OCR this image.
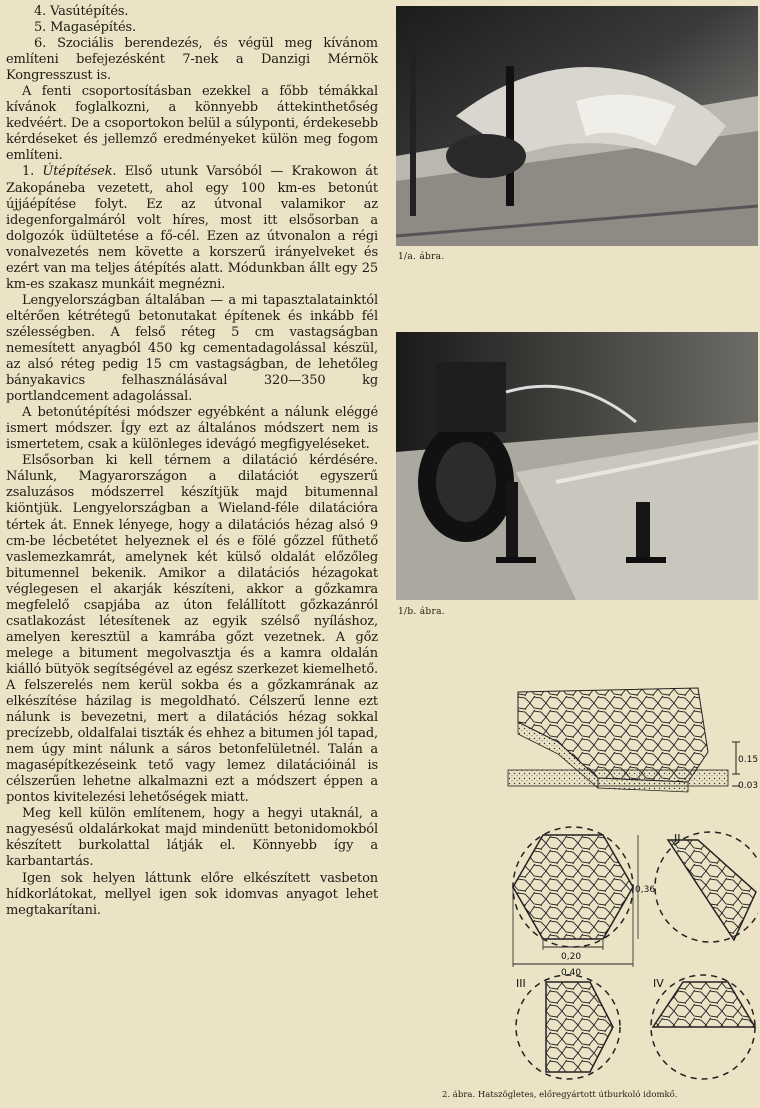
4. Vasútépítés.

5. Magasépítés.

6. Szociális berendezés, és végül meg kívánom említeni befejezésként 7-nek a Danzigi Mérnök Kongresszust is.

A fenti csoportosításban ezekkel a főbb témákkal kívánok foglalkozni, a könnyebb áttekinthetőség kedvéért. De a csoportokon belül a súlyponti, érdekesebb kérdéseket és jellemző eredményeket külön meg fogom említeni.

1. Útépítések. Első utunk Varsóból — Krakowon át Zakopáneba vezetett, ahol egy 100 km-es betonút újjáépítése folyt. Ez az útvonal valamikor az idegenforgalmáról volt híres, most itt elsősorban a dolgozók üdültetése a fő-cél. Ezen az útvonalon a régi vonalvezetés nem követte a korszerű irányelveket és ezért van ma teljes átépítés alatt. Módunkban állt egy 25 km-es szakasz munkáit megnézni.

Lengyelországban általában — a mi tapasztalatainktól eltérően kétrétegű betonutakat építenek és inkább fél szélességben. A felső réteg 5 cm vastagságban nemesített anyagból 450 kg cementadagolással készül, az alsó réteg pedig 15 cm vastagságban, de lehetőleg bányakavics felhasználásával 320—350 kg portlandcement adagolással.

A betonútépítési módszer egyébként a nálunk eléggé ismert módszer. Így ezt az általános módszert nem is ismertetem, csak a különleges idevágó megfigyeléseket.

Elsősorban ki kell térnem a dilatáció kérdésére. Nálunk, Magyarországon a dilatációt egyszerű zsaluzásos módszerrel készítjük majd bitumennal kiöntjük. Lengyelországban a Wieland-féle dilatációra tértek át. Ennek lényege, hogy a dilatációs hézag alsó 9 cm-be lécbetétet helyeznek el és e fölé gőzzel fűthető vaslemezkamrát, amelynek két külső oldalát előzőleg bitumennel bekenik. Amikor a dilatációs hézagokat véglegesen el akarják készíteni, akkor a gőzkamra megfelelő csapjába az úton felállított gőzkazánról csatlakozást létesítenek az egyik szélső nyíláshoz, amelyen keresztül a kamrába gőzt vezetnek. A gőz melege a bitument megolvasztja és a kamra oldalán kiálló bütyök segítségével az egész szerkezet kiemelhető. A felszerelés nem kerül sokba és a gőzkamrának az elkészítése házilag is megoldható. Célszerű lenne ezt nálunk is bevezetni, mert a dilatációs hézag sokkal precízebb, oldalfalai tiszták és ehhez a bitumen jól tapad, nem úgy mint nálunk a sáros betonfelületnél. Talán a magasépítkezéseink tető vagy lemez dilatációinál is célszerűen lehetne alkalmazni ezt a módszert éppen a pontos kivitelezési lehetőségek miatt.

Meg kell külön említenem, hogy a hegyi utaknál, a nagyesésű oldalárkokat majd mindenütt betonidomokból készített burkolattal látják el. Könnyebb így a karbantartás.

Igen sok helyen láttunk előre elkészített vasbeton hídkorlátokat, mellyel igen sok idomvas anyagot lehet megtakarítani.

1/a. ábra.
1/b. ábra.
0.15
0.03
0,20
0,40
0,36
II
III	IV
2. ábra. Hatszögletes, előregyártott útburkoló idomkő.
